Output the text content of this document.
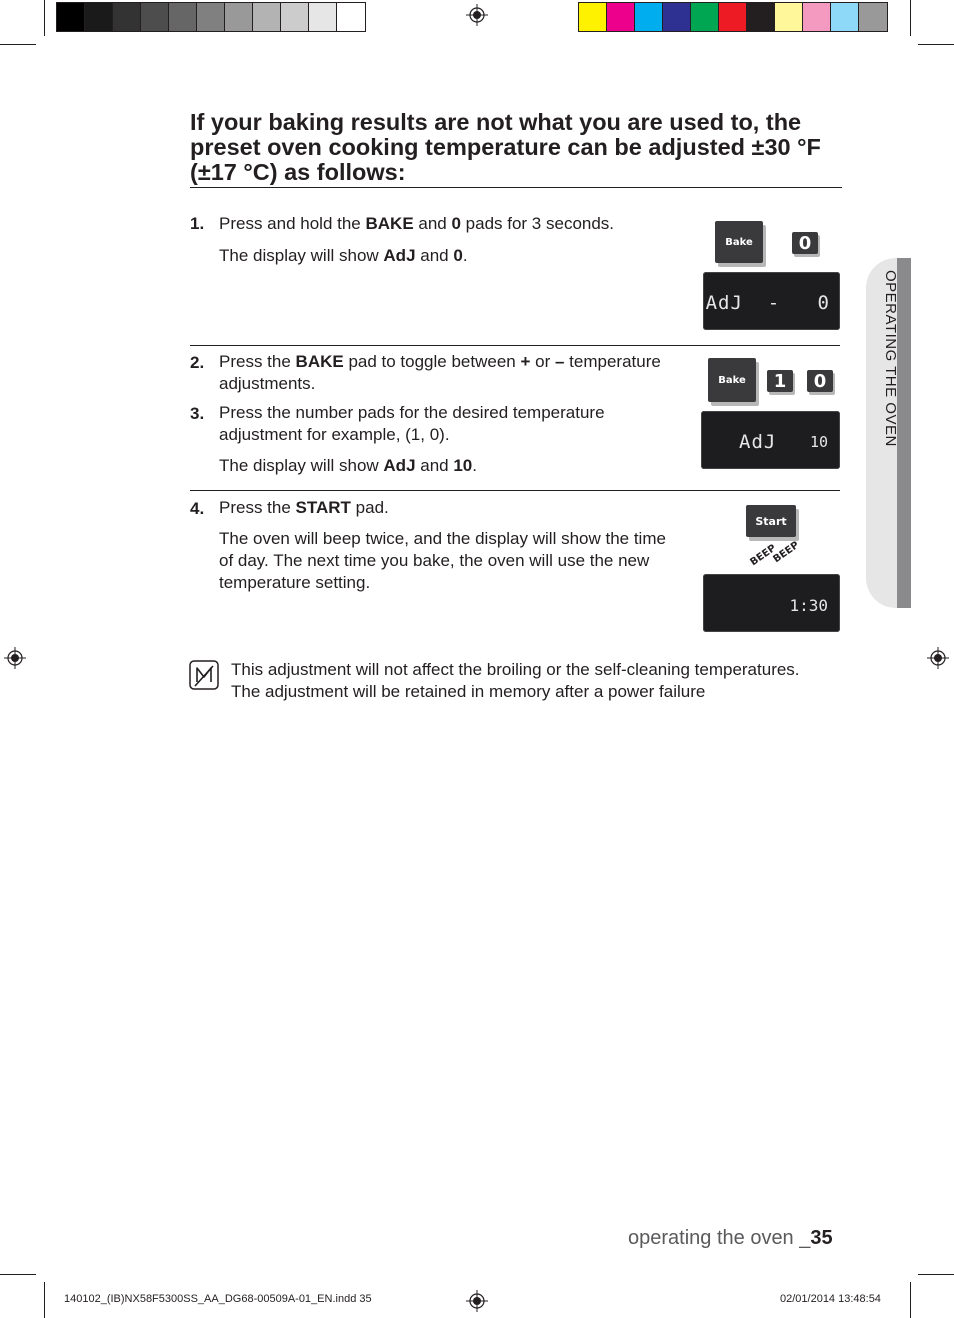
If your baking results are not what you are used to, the preset oven cooking temperature can be adjusted ±30 °F (±17 °C) as follows:
1. Press and hold the BAKE and 0 pads for 3 seconds.
The display will show AdJ and 0.
Bake	0
AdJ  -   0
2. Press the BAKE pad to toggle between + or – temperature adjustments.
3. Press the number pads for the desired temperature adjustment for example, (1, 0).
The display will show AdJ and 10.
Bake	1	0
AdJ 10
4. Press the START pad.
The oven will beep twice, and the display will show the time of day. The next time you bake, the oven will use the new temperature setting.
Start
BEEP
BEEP
1:30
This adjustment will not affect the broiling or the self-cleaning temperatures.
The adjustment will be retained in memory after a power failure
OPERATING THE OVEN
operating the oven _35
140102_(IB)NX58F5300SS_AA_DG68-00509A-01_EN.indd 35	02/01/2014 13:48:54
